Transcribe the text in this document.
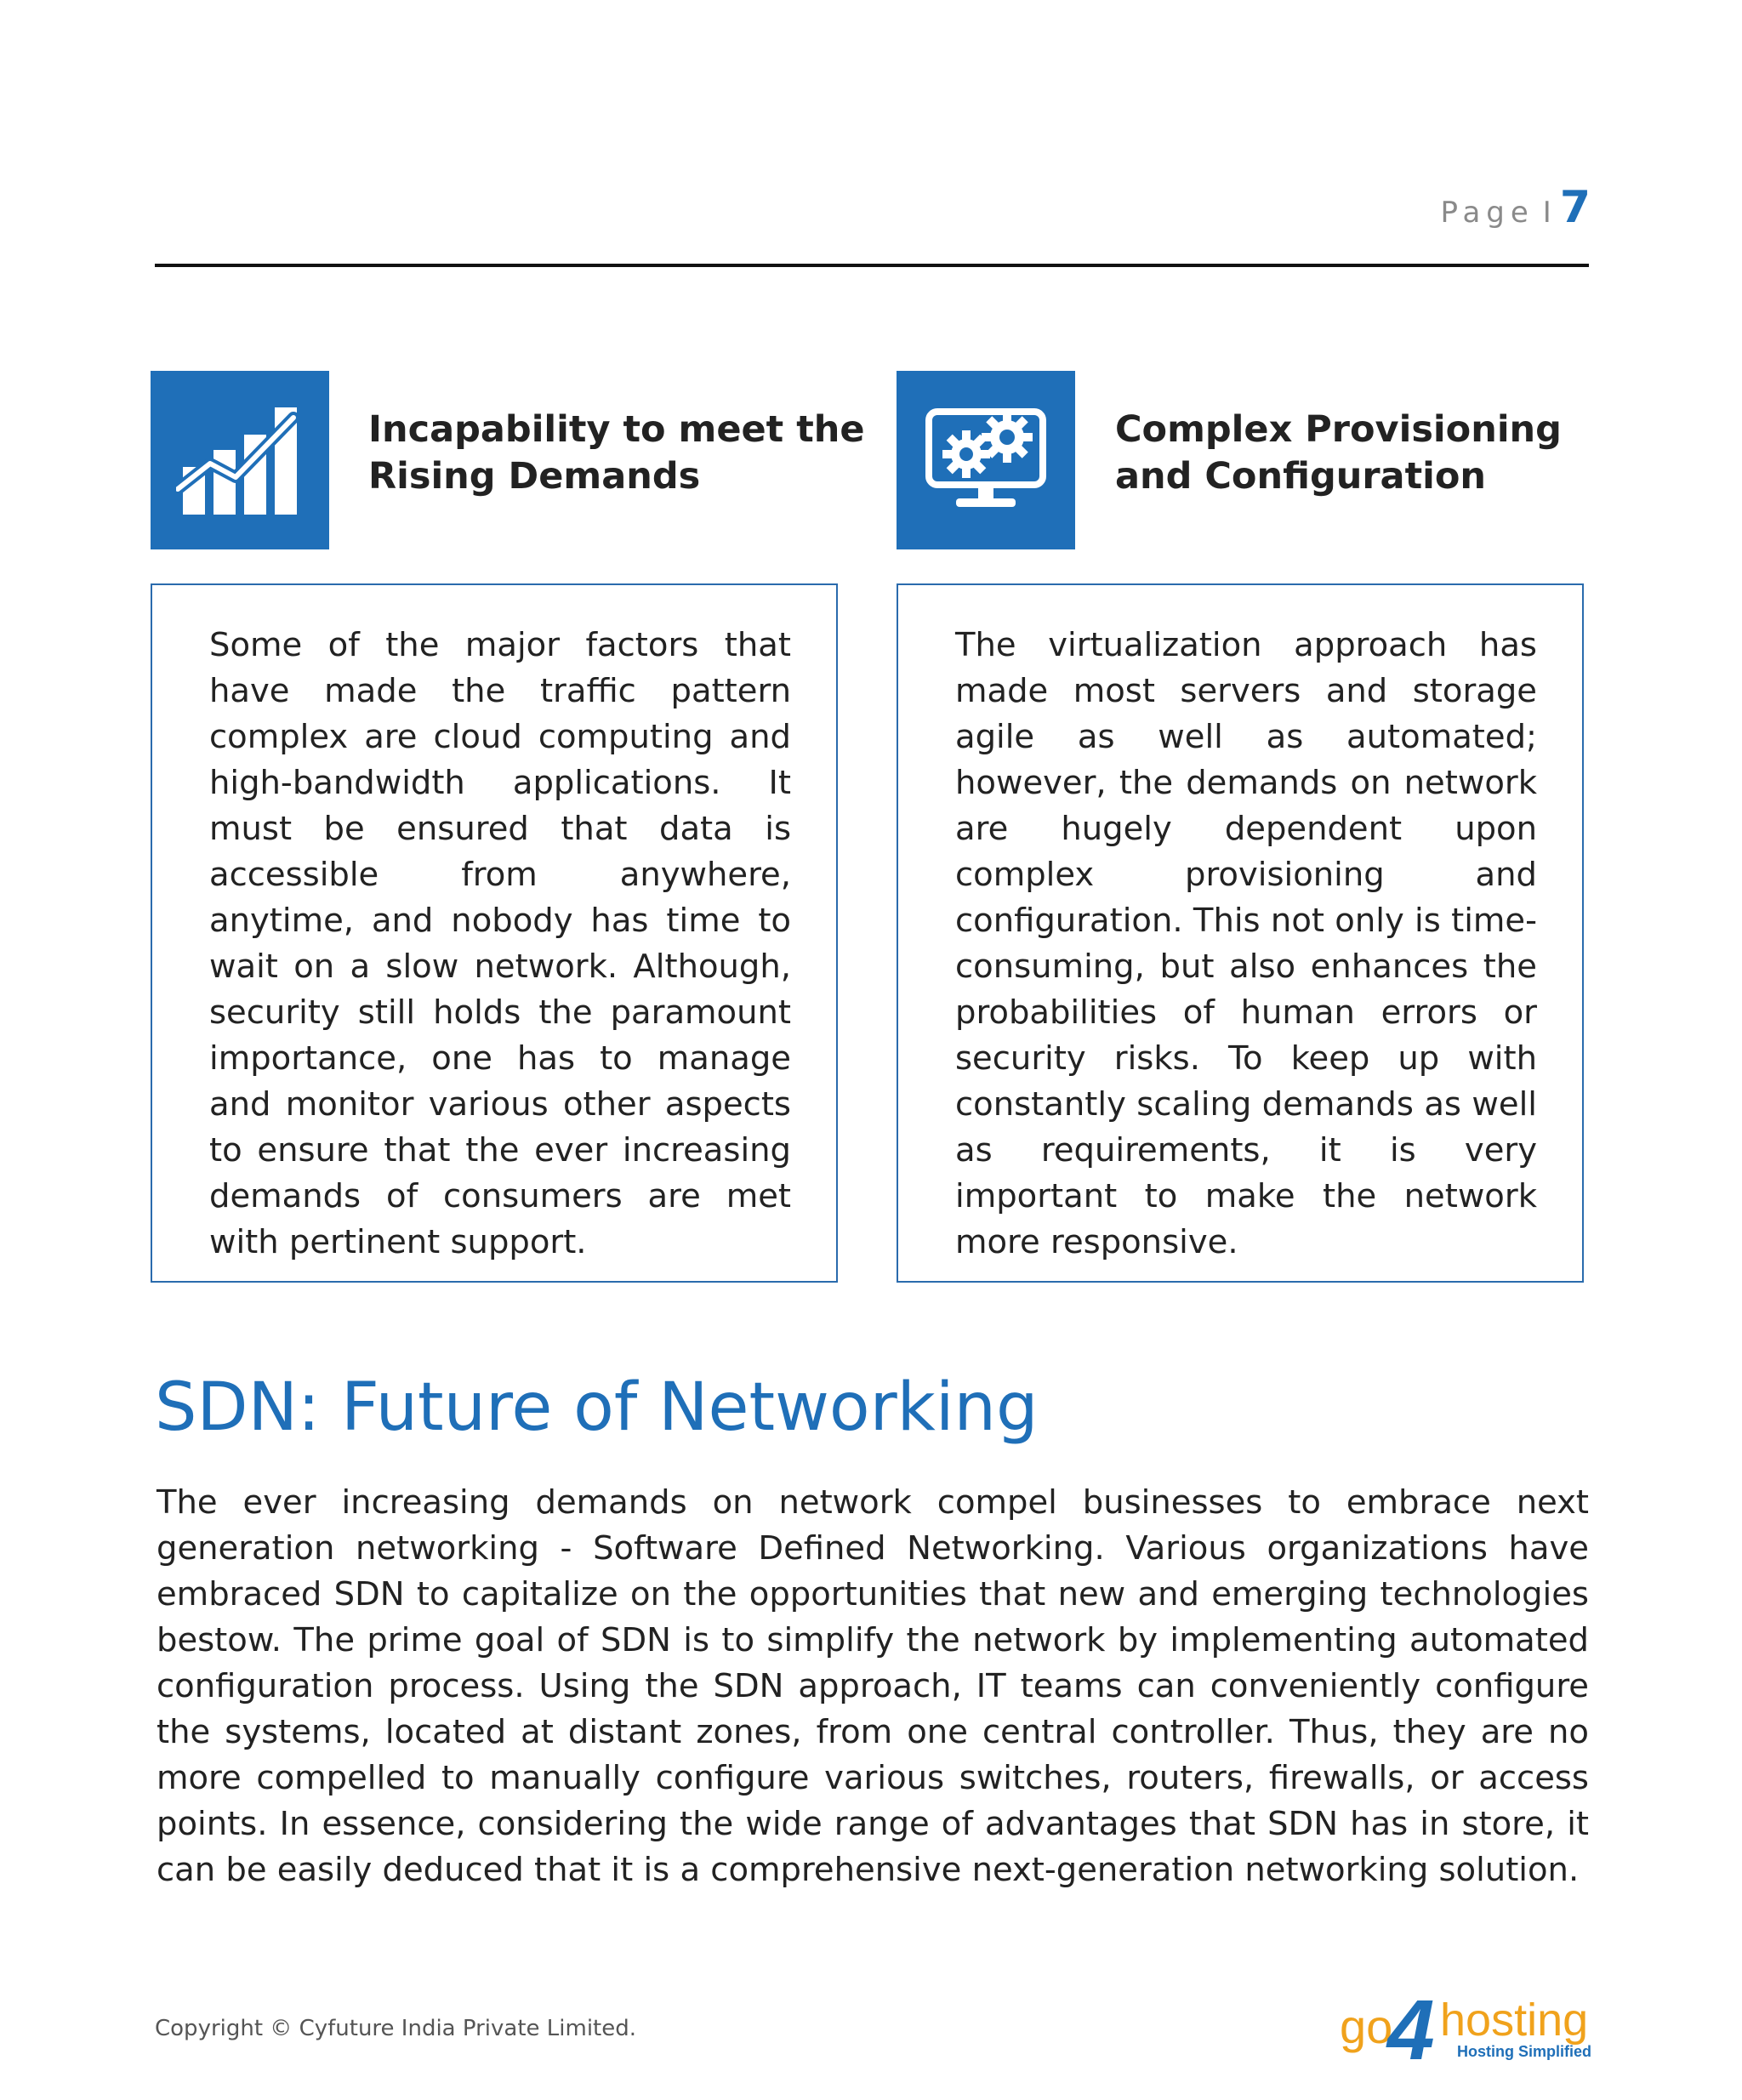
Page I 7
Incapability to meet the
Rising Demands
Some of the major factors that have made the traffic pattern complex are cloud computing and high-bandwidth applications. It must be ensured that data is accessible from anywhere, anytime, and nobody has time to wait on a slow network. Although, security still holds the paramount importance, one has to manage and monitor various other aspects to ensure that the ever increasing demands of consumers are met with pertinent support.
Complex Provisioning
and Configuration
The virtualization approach has made most servers and storage agile as well as automated; however, the demands on network are hugely dependent upon complex provisioning and configuration. This not only is time-consuming, but also enhances the probabilities of human errors or security risks. To keep up with constantly scaling demands as well as requirements, it is very important to make the network more responsive.
SDN: Future of Networking
The ever increasing demands on network compel businesses to embrace next generation networking - Software Defined Networking. Various organizations have embraced SDN to capitalize on the opportunities that new and emerging technologies bestow. The prime goal of SDN is to simplify the network by implementing automated configuration process. Using the SDN approach, IT teams can conveniently configure the systems, located at distant zones, from one central controller. Thus, they are no more compelled to manually configure various switches, routers, firewalls, or access points. In essence, considering the wide range of advantages that SDN has in store, it can be easily deduced that it is a comprehensive next-generation networking solution.
Copyright © Cyfuture India Private Limited.	go
4 hosting
Hosting Simplified
